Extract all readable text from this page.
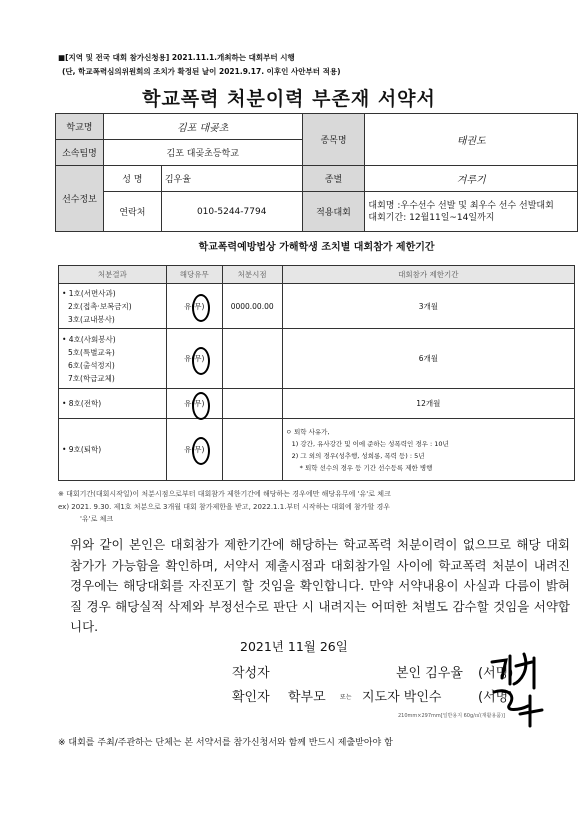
■[지역 및 전국 대회 참가신청용] 2021.11.1.개최하는 대회부터 시행
(단, 학교폭력심의위원회의 조치가 확정된 날이 2021.9.17. 이후인 사안부터 적용)
학교폭력 처분이력 부존재 서약서
학교명	김포 대곶초		종목명	태권도
소속팀명	김포 대곶초등학교			
선수정보	성 명	김우율	종별	겨루기
	연락처	010-5244-7794	적용대회	대회명 :우수선수 선발 및 최우수 선수 선발대회
대회기간: 12월11일~14일까지
학교폭력예방법상 가해학생 조치별 대회참가 제한기간
처분결과	해당유무	처분시점	대회참가 제한기간

• 1호(서면사과)
2호(접촉·보복금지)
3호(교내봉사)	유(무)	0000.00.00	3개월

• 4호(사회봉사)
5호(특별교육)
6호(출석정지)
7호(학급교체)	유(무)		6개월

• 8호(전학)	유(무)		12개월

• 9호(퇴학)	유(무)		ㅇ 퇴학 사유가,
1) 강간, 유사강간 및 이에 준하는 성폭력인 경우 : 10년
2) 그 외의 경우(성추행, 성희롱, 폭력 등) : 5년
* 퇴학 선수의 경우 등 기간 선수등록 제한 병행
※ 대회기간(대회시작일)이 처분시점으로부터 대회참가 제한기간에 해당하는 경우에만 해당유무에 '유'로 체크
ex) 2021. 9.30. 제1호 처분으로 3개월 대회 참가제한을 받고, 2022.1.1.부터 시작하는 대회에 참가할 경우
'유'로 체크
위와 같이 본인은 대회참가 제한기간에 해당하는 학교폭력 처분이력이 없으므로 해당 대회 참가가 가능함을 확인하며, 서약서 제출시점과 대회참가일 사이에 학교폭력 처분이 내려진 경우에는 해당대회를 자진포기 할 것임을 확인합니다. 만약 서약내용이 사실과 다름이 밝혀질 경우 해당실적 삭제와 부정선수로 판단 시 내려지는 어떠한 처벌도 감수할 것임을 서약합니다.
2021년 11월 26일
작성자	본인 김우율 (서명)
확인자 학부모 또는 지도자 박인수	(서명)
210mm×297mm[일반용지 60g/㎡(재활용품)]
※ 대회를 주최/주관하는 단체는 본 서약서를 참가신청서와 함께 반드시 제출받아야 함
